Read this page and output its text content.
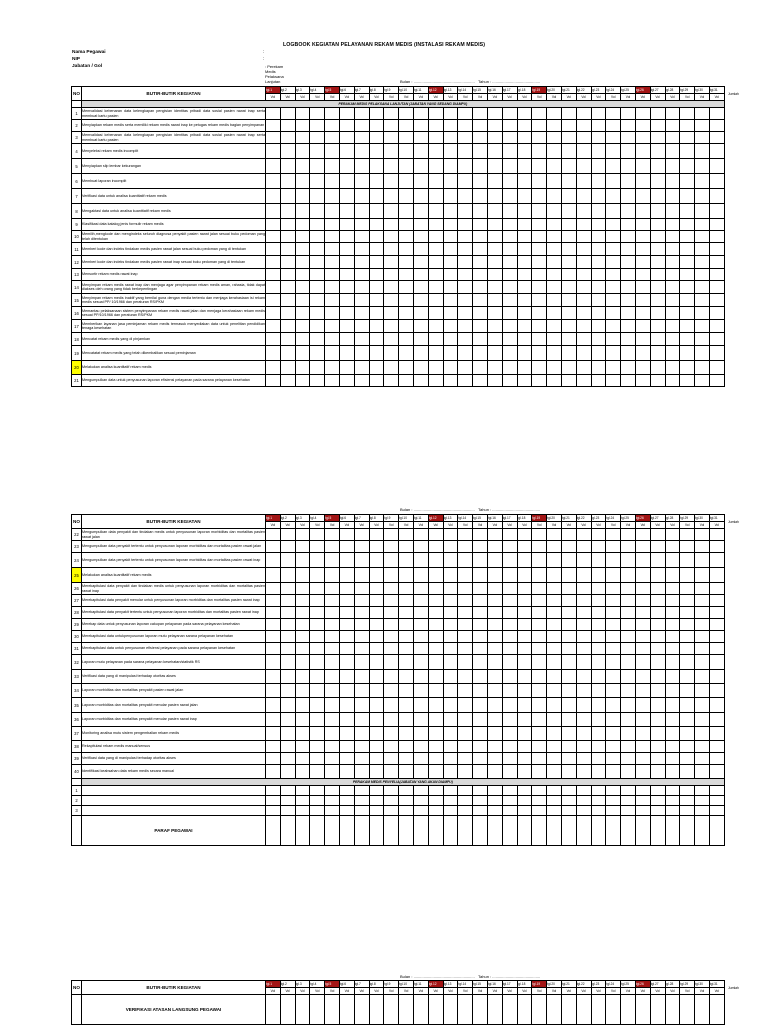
LOGBOOK KEGIATAN PELAYANAN REKAM MEDIS (INSTALASI REKAM MEDIS)
Nama Pegawai	:
NIP	:
Jabatan / Gol	: Perekam Medis Pelaksana Lanjutan	Bulan : ....................................................... Tahun : ...........................................
NO	BUTIR-BUTIR KEGIATAN	tgl.1	tgl.2	tgl.3	tgl.4	tgl.5	tgl.6	tgl.7	tgl.8	tgl.9	tgl.10	tgl.11	tgl.12	tgl.13	tgl.14	tgl.15	tgl.16	tgl.17	tgl.18	tgl.19	tgl.20	tgl.21	tgl.22	tgl.23	tgl.24	tgl.25	tgl.26	tgl.27	tgl.28	tgl.29	tgl.30	tgl.31	Jumlah
		Vol	Vol	Vol	Vol	Vol	Vol	Vol	Vol	Vol	Vol	Vol	Vol	Vol	Vol	Vol	Vol	Vol	Vol	Vol	Vol	Vol	Vol	Vol	Vol	Vol	Vol	Vol	Vol	Vol	Vol	Vol	
	PERAKAM MEDIS PELAKSANA LANJUTAN (JABATAN YANG SEDANG DIAMPU)																																
1	Memvalidasi kebenaran data kelengkapan pengisian identitas pribadi data sosial pasien rawat inap serta membuat kartu pasien																																
2	Menyiapkan rekam medis serta memiliki rekam medis rawat inap ke petugas rekam medis bagian penyimpanan																																
3	Memvalidasi kebenaran data kelengkapan pengisian identitas pribadi data sosial pasien rawat inap serta membuat kartu pasien																																
4	Menyeleksi rekam medis incomplit																																
5	Menyiapkan slip lembar kekurangan																																
6	Membuat laporan incomplit																																
7	Verifikasi data untuk analisa kuantitatif rekam medis																																
8	Mengaktasi data untuk analisa kuantitatif rekam medis																																
9	Klasifikasi data katalog jenis formulir rekam medis																																
10	Memilih,mengkode dan mengindeks seluruh diagnosa penyakit pasien rawat jalan sesuai buku pedoman yang telah ditentukan																																
11	Memberi kode dan indeks tindakan medis pasien rawat jalan sesuai buku pedoman yang di tentukan																																
12	Memberi kode dan indeks tindakan medis pasien rawat inap sesuai buku pedoman yang di tentukan																																
13	Mensortir rekam medis rawat inap																																
14	Menyimpan rekam medis rawat inap dan menjaga agar penyimpanan rekam medis aman, rahasia, tidak dapat diakses oleh orang yang tidak berkepentingan																																
15	Menyimpan rekam medis inaktif yang bernilai guna dengan media tertentu dan menjaga kerahasiaan isi rekam medis sesuai PP/ 10/1966 dan peraturan RS/PKM																																
16	Memantau pelaksanaan sistem penyimpanan rekam medis rawat jalan dan menjaga kerahasiaan rekam medis sesuai PP/10/1966 dan peraturan RS/PKM																																
17	Memberikan layanan jasa peminjaman rekam medis termasuk menyediakan data untuk penelitian pendidikan tenaga kesehatan																																
18	Mencatat rekam medis yang di pinjamkan																																
19	Mencatatat rekam medis yang telah dikembalikan sesuai peminjaman																																
20	Melakukan analisa kuantitatif rekam medis																																
21	Mengumpulkan data untuk penyusunan laporan efisiensi pelayanan pada sarana pelayanan kesehatan																																
Bulan : ....................................................... Tahun : ...........................................
NO	BUTIR-BUTIR KEGIATAN	tgl.1	tgl.2	tgl.3	tgl.4	tgl.5	tgl.6	tgl.7	tgl.8	tgl.9	tgl.10	tgl.11	tgl.12	tgl.13	tgl.14	tgl.15	tgl.16	tgl.17	tgl.18	tgl.19	tgl.20	tgl.21	tgl.22	tgl.23	tgl.24	tgl.25	tgl.26	tgl.27	tgl.28	tgl.29	tgl.30	tgl.31	Jumlah
		Vol	Vol	Vol	Vol	Vol	Vol	Vol	Vol	Vol	Vol	Vol	Vol	Vol	Vol	Vol	Vol	Vol	Vol	Vol	Vol	Vol	Vol	Vol	Vol	Vol	Vol	Vol	Vol	Vol	Vol	Vol	
22	Mengumpulkan data penyakit dan tindakan medis untuk penyusunan laporan morbiditas dan mortalitas pasien rawat jalan																																
23	Mengumpulkan data penyakit tertentu untuk penyusunan laporan morbiditas dan mortalitas pasien rawat jalan																																
24	Mengumpulkan data penyakit tertentu untuk penyusunan laporan morbiditas dan mortalitas pasien rawat inap																																
25	Melakukan analisa kuantitatif rekam medis																																
26	Merekapitulasi data penyakit dan tindakan medis untuk penyusunan laporan morbiditas dan mortalitas pasien rawat inap																																
27	Merekapitulasi data penyakit menular untuk penyusunan laporan morbiditas dan mortalitas pasien rawat inap																																
28	Merekapitulasi data penyakit tertentu untuk penyusunan laporan morbiditas dan mortalitas pasien rawat inap																																
29	Merekap data untuk penyusunan laporan cakupan pelayanan pada sarana pelayanan kesehatan																																
30	Merekapitulasi data untukpenyusunan laporan mutu pelayanan sarana pelayanan kesehatan																																
31	Merekapitulasi data untuk penyusunan efisiensi pelayanan pada sarana pelayanan kesehatan																																
32	Laporan mutu pelayanan pada sarana pelayanan kesehatan/statistik RS																																
33	Verifikasi data yang di manipulasi terhadap otoritas akses																																
34	Laporan morbiditas dan mortalitas penyakit pasien rawat jalan																																
35	Laporan morbiditas dan mortalitas penyakit menular pasien rawat jalan																																
36	Laporan morbiditas dan mortalitas penyakit menular pasien rawat inap																																
37	Monitoring analisa mutu sistem pengembalian rekam medis																																
38	Rekapitulasi rekam medis manual/sensus																																
39	Verifikasi data yang di manipulasi terhadap otoritas akses																																
40	Identifikasi keabsahan data rekam medis secara manual																																
	PERAKAM MEDIS PENYELIA(JABATAN YANG AKAN DIAMPU)																																
1																																	
2																																	
3																																	
	PARAF PEGAWAI																																
Bulan : ....................................................... Tahun : ...........................................
NO	BUTIR-BUTIR KEGIATAN	tgl.1	tgl.2	tgl.3	tgl.4	tgl.5	tgl.6	tgl.7	tgl.8	tgl.9	tgl.10	tgl.11	tgl.12	tgl.13	tgl.14	tgl.15	tgl.16	tgl.17	tgl.18	tgl.19	tgl.20	tgl.21	tgl.22	tgl.23	tgl.24	tgl.25	tgl.26	tgl.27	tgl.28	tgl.29	tgl.30	tgl.31	Jumlah
		Vol	Vol	Vol	Vol	Vol	Vol	Vol	Vol	Vol	Vol	Vol	Vol	Vol	Vol	Vol	Vol	Vol	Vol	Vol	Vol	Vol	Vol	Vol	Vol	Vol	Vol	Vol	Vol	Vol	Vol	Vol	
	VERIFIKASI ATASAN LANGSUNG PEGAWAI																																
